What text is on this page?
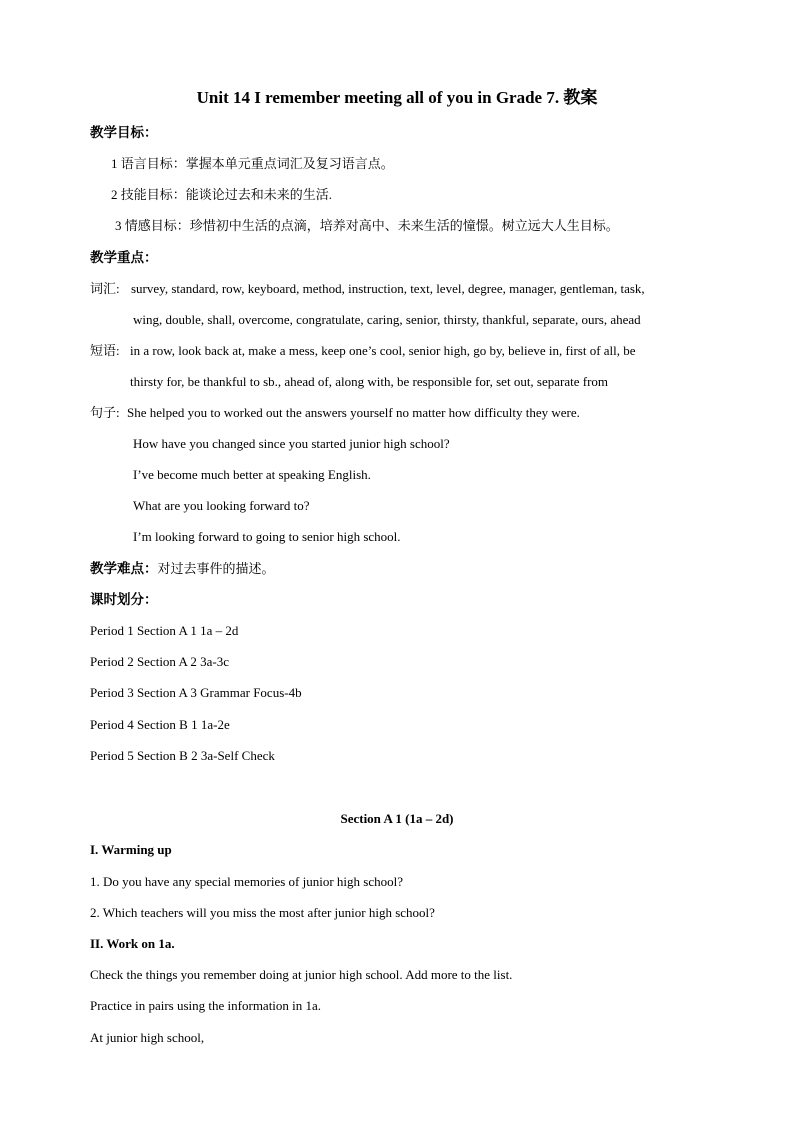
Unit 14 I remember meeting all of you in Grade 7. 教案
教学目标：
1 语言目标：掌握本单元重点词汇及复习语言点。
2 技能目标：能谈论过去和未来的生活.
3 情感目标：珍惜初中生活的点滴，培养对高中、未来生活的憧憬。树立远大人生目标。
教学重点：
词汇: survey, standard, row, keyboard, method, instruction, text, level, degree, manager, gentleman, task,
wing, double, shall, overcome, congratulate, caring, senior, thirsty, thankful, separate, ours, ahead
短语: in a row, look back at, make a mess, keep one’s cool, senior high, go by, believe in, first of all, be
thirsty for, be thankful to sb., ahead of, along with, be responsible for, set out, separate from
句子: She helped you to worked out the answers yourself no matter how difficulty they were.
How have you changed since you started junior high school?
I’ve become much better at speaking English.
What are you looking forward to?
I’m looking forward to going to senior high school.
教学难点：对过去事件的描述。
课时划分：
Period 1 Section A 1 1a – 2d
Period 2 Section A 2 3a-3c
Period 3 Section A 3 Grammar Focus-4b
Period 4 Section B 1 1a-2e
Period 5 Section B 2 3a-Self Check
Section A 1 (1a – 2d)
I. Warming up
1. Do you have any special memories of junior high school?
2. Which teachers will you miss the most after junior high school?
II. Work on 1a.
Check the things you remember doing at junior high school. Add more to the list.
Practice in pairs using the information in 1a.
At junior high school,
